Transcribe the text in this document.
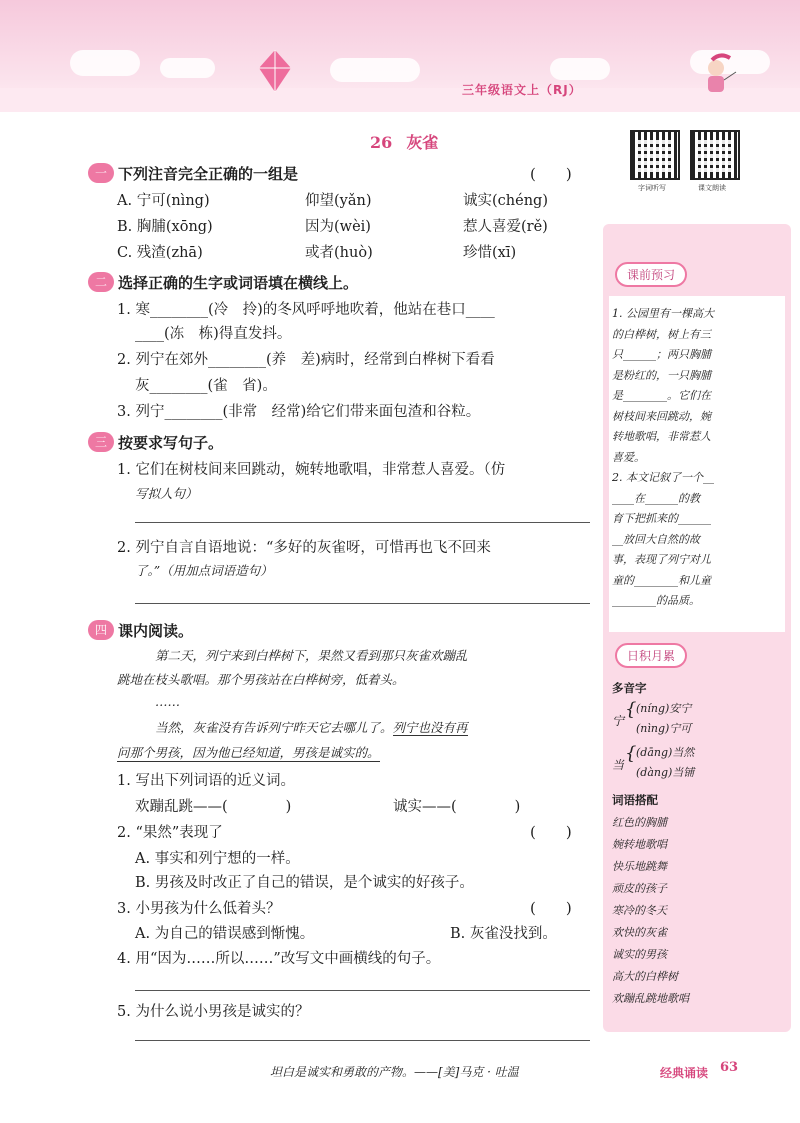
三年级语文上（RJ）
26 灰雀
字词听写	课文朗读
一 下列注音完全正确的一组是	(　　)
A. 宁可(nìng)	仰望(yǎn)	诚实(chéng)
B. 胸脯(xōng)	因为(wèi)	惹人喜爱(rě)
C. 残渣(zhā)	或者(huò)	珍惜(xī)
二 选择正确的生字或词语填在横线上。
1. 寒________(冷　拎)的冬风呼呼地吹着，他站在巷口____
____(冻　栋)得直发抖。
2. 列宁在郊外________(养　差)病时，经常到白桦树下看看
灰________(雀　省)。
3. 列宁________(非常　经常)给它们带来面包渣和谷粒。
三 按要求写句子。
1. 它们在树枝间来回跳动，婉转地歌唱，非常惹人喜爱。（仿
写拟人句）
2. 列宁自言自语地说：“多好的灰雀呀，可惜再也飞不回来
了。”（用加点词语造句）
四 课内阅读。
第二天，列宁来到白桦树下，果然又看到那只灰雀欢蹦乱
跳地在枝头歌唱。那个男孩站在白桦树旁，低着头。
……
当然，灰雀没有告诉列宁昨天它去哪儿了。列宁也没有再
问那个男孩，因为他已经知道，男孩是诚实的。
1. 写出下列词语的近义词。
欢蹦乱跳——(　　　　)	诚实——(　　　　)
2. “果然”表现了	(　　)
A. 事实和列宁想的一样。
B. 男孩及时改正了自己的错误，是个诚实的好孩子。
3. 小男孩为什么低着头？	(　　)
A. 为自己的错误感到惭愧。	B. 灰雀没找到。
4. 用“因为……所以……”改写文中画横线的句子。
5. 为什么说小男孩是诚实的？
课前预习
1. 公园里有一棵高大
的白桦树，树上有三
只______；两只胸脯
是粉红的，一只胸脯
是________。它们在
树枝间来回跳动，婉
转地歌唱，非常惹人
喜爱。
2. 本文记叙了一个__
____在______的教
育下把抓来的______
__放回大自然的故
事，表现了列宁对儿
童的________和儿童
________的品质。
日积月累
多音字
宁
{ (níng)安宁
(nìng)宁可
当
{ (dāng)当然
(dàng)当铺
词语搭配
红色的胸脯
婉转地歌唱
快乐地跳舞
顽皮的孩子
寒冷的冬天
欢快的灰雀
诚实的男孩
高大的白桦树
欢蹦乱跳地歌唱
坦白是诚实和勇敢的产物。——[美]马克 · 吐温	经典诵读 63
